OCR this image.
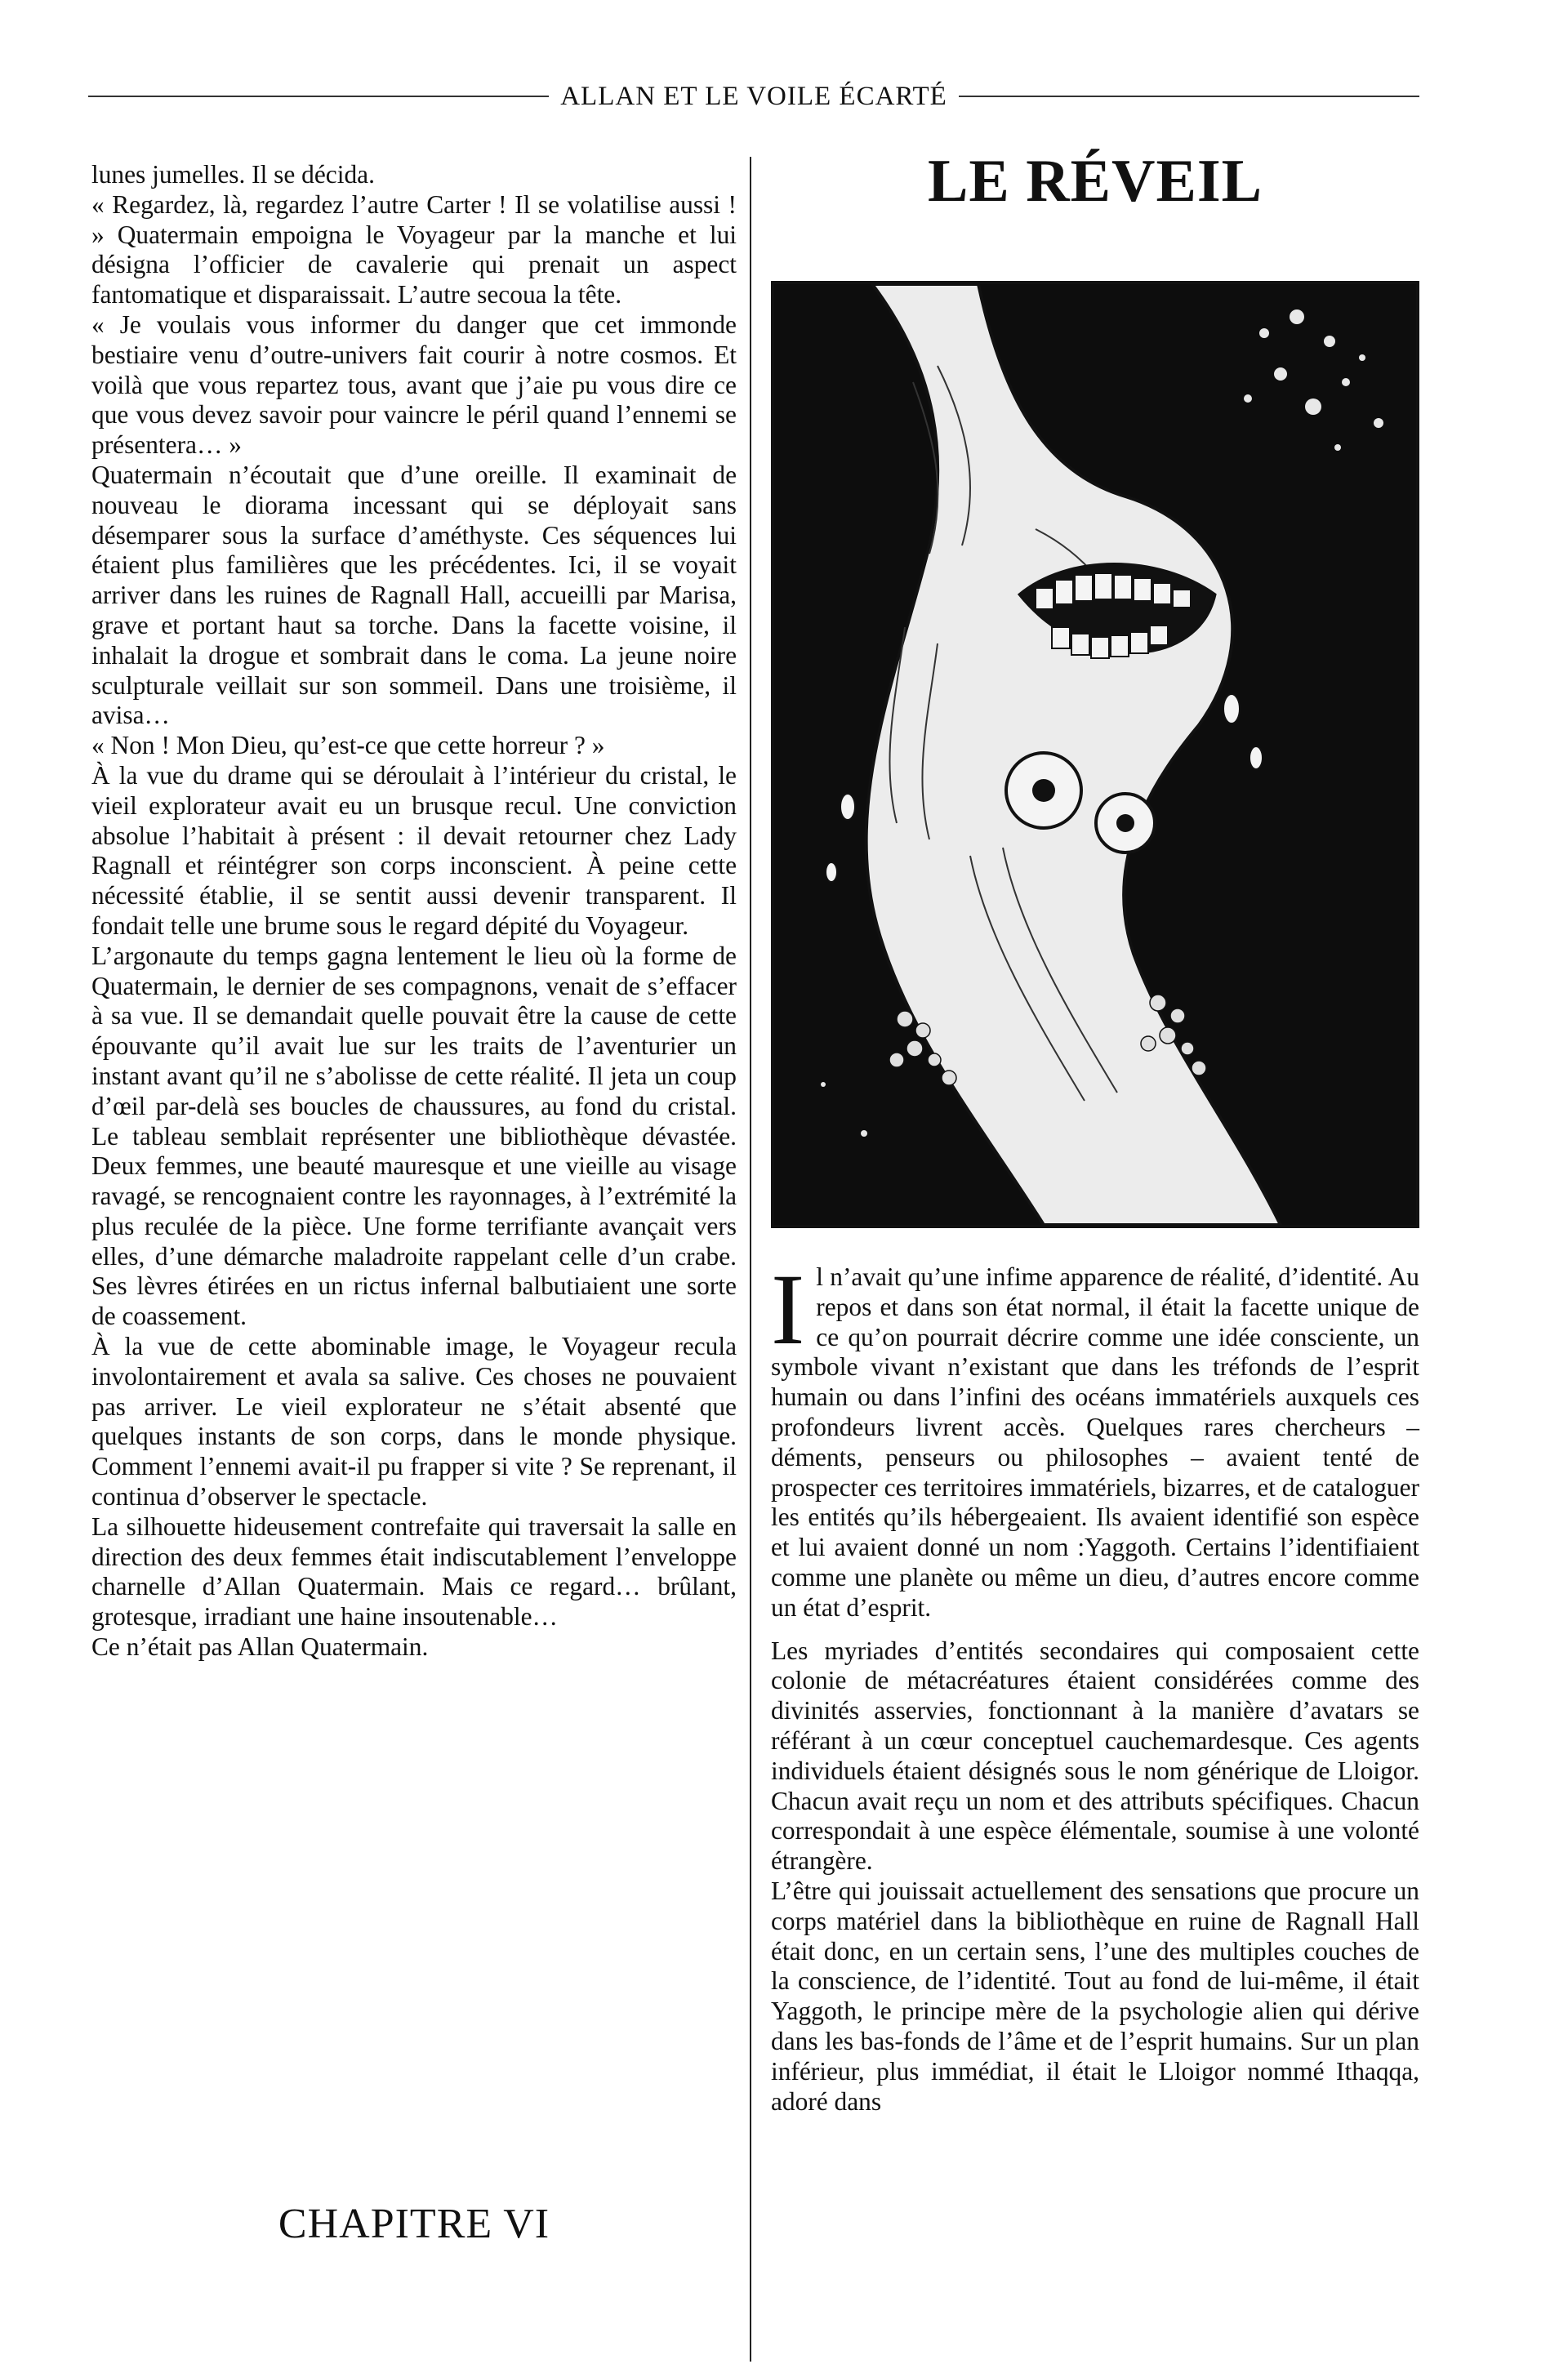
ALLAN ET LE VOILE ÉCARTÉ

lunes jumelles. Il se décida.

« Regardez, là, regardez l’autre Carter ! Il se volatilise aussi ! » Quatermain empoigna le Voyageur par la manche et lui désigna l’officier de cavalerie qui prenait un aspect fantomatique et disparaissait. L’autre secoua la tête.

« Je voulais vous informer du danger que cet immonde bestiaire venu d’outre-univers fait courir à notre cosmos. Et voilà que vous repartez tous, avant que j’aie pu vous dire ce que vous devez savoir pour vaincre le péril quand l’ennemi se présentera… »

Quatermain n’écoutait que d’une oreille. Il examinait de nouveau le diorama incessant qui se déployait sans désemparer sous la surface d’améthyste. Ces séquences lui étaient plus familières que les précédentes. Ici, il se voyait arriver dans les ruines de Ragnall Hall, accueilli par Marisa, grave et portant haut sa torche. Dans la facette voisine, il inhalait la drogue et sombrait dans le coma. La jeune noire sculpturale veillait sur son sommeil. Dans une troisième, il avisa…

« Non ! Mon Dieu, qu’est-ce que cette horreur ? »

À la vue du drame qui se déroulait à l’intérieur du cristal, le vieil explorateur avait eu un brusque recul. Une conviction absolue l’habitait à présent : il devait retourner chez Lady Ragnall et réintégrer son corps inconscient. À peine cette nécessité établie, il se sentit aussi devenir transparent. Il fondait telle une brume sous le regard dépité du Voyageur.

L’argonaute du temps gagna lentement le lieu où la forme de Quatermain, le dernier de ses compagnons, venait de s’effacer à sa vue. Il se demandait quelle pouvait être la cause de cette épouvante qu’il avait lue sur les traits de l’aventurier un instant avant qu’il ne s’abolisse de cette réalité. Il jeta un coup d’œil par-delà ses boucles de chaussures, au fond du cristal. Le tableau semblait représenter une bibliothèque dévastée. Deux femmes, une beauté mauresque et une vieille au visage ravagé, se rencognaient contre les rayonnages, à l’extrémité la plus reculée de la pièce. Une forme terrifiante avançait vers elles, d’une démarche maladroite rappelant celle d’un crabe. Ses lèvres étirées en un rictus infernal balbutiaient une sorte de coassement.

À la vue de cette abominable image, le Voyageur recula involontairement et avala sa salive. Ces choses ne pouvaient pas arriver. Le vieil explorateur ne s’était absenté que quelques instants de son corps, dans le monde physique. Comment l’ennemi avait-il pu frapper si vite ? Se reprenant, il continua d’observer le spectacle.

La silhouette hideusement contrefaite qui traversait la salle en direction des deux femmes était indiscutablement l’enveloppe charnelle d’Allan Quatermain. Mais ce regard… brûlant, grotesque, irradiant une haine insoutenable…

Ce n’était pas Allan Quatermain.

CHAPITRE VI
LE RÉVEIL

Il n’avait qu’une infime apparence de réalité, d’identité. Au repos et dans son état normal, il était la facette unique de ce qu’on pourrait décrire comme une idée consciente, un symbole vivant n’existant que dans les tréfonds de l’esprit humain ou dans l’infini des océans immatériels auxquels ces profondeurs livrent accès. Quelques rares chercheurs – déments, penseurs ou philosophes – avaient tenté de prospecter ces territoires immatériels, bizarres, et de cataloguer les entités qu’ils hébergeaient. Ils avaient identifié son espèce et lui avaient donné un nom :Yaggoth. Certains l’identifiaient comme une planète ou même un dieu, d’autres encore comme un état d’esprit.

Les myriades d’entités secondaires qui composaient cette colonie de métacréatures étaient considérées comme des divinités asservies, fonctionnant à la manière d’avatars se référant à un cœur conceptuel cauchemardesque. Ces agents individuels étaient désignés sous le nom générique de Lloigor. Chacun avait reçu un nom et des attributs spécifiques. Chacun correspondait à une espèce élémentale, soumise à une volonté étrangère.

L’être qui jouissait actuellement des sensations que procure un corps matériel dans la bibliothèque en ruine de Ragnall Hall était donc, en un certain sens, l’une des multiples couches de la conscience, de l’identité. Tout au fond de lui-même, il était Yaggoth, le principe mère de la psychologie alien qui dérive dans les bas-fonds de l’âme et de l’esprit humains. Sur un plan inférieur, plus immédiat, il était le Lloigor nommé Ithaqqa, adoré dans
